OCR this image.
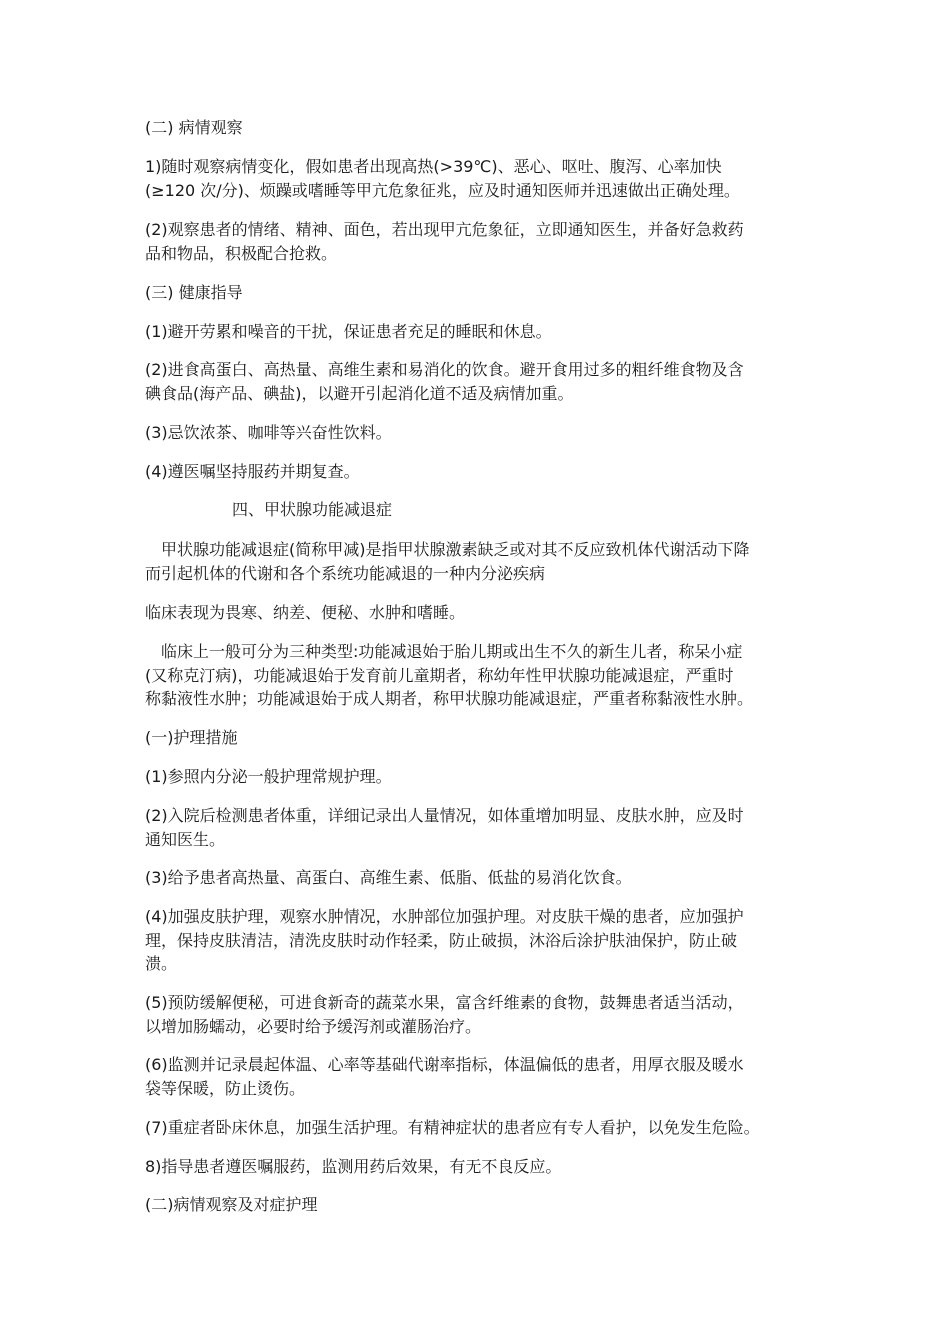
(二) 病情观察

1)随时观察病情变化，假如患者出现高热(>39℃)、恶心、呕吐、腹泻、心率加快
(≥120 次/分)、烦躁或嗜睡等甲亢危象征兆，应及时通知医师并迅速做出正确处理。

(2)观察患者的情绪、精神、面色，若出现甲亢危象征，立即通知医生，并备好急救药
品和物品，积极配合抢救。

(三) 健康指导

(1)避开劳累和噪音的干扰，保证患者充足的睡眠和休息。

(2)进食高蛋白、高热量、高维生素和易消化的饮食。避开食用过多的粗纤维食物及含
碘食品(海产品、碘盐)，以避开引起消化道不适及病情加重。

(3)忌饮浓茶、咖啡等兴奋性饮料。

(4)遵医嘱坚持服药并期复查。

四、甲状腺功能减退症

甲状腺功能减退症(简称甲减)是指甲状腺激素缺乏或对其不反应致机体代谢活动下降
而引起机体的代谢和各个系统功能减退的一种内分泌疾病

临床表现为畏寒、纳差、便秘、水肿和嗜睡。

临床上一般可分为三种类型:功能减退始于胎儿期或出生不久的新生儿者，称呆小症
(又称克汀病)，功能减退始于发育前儿童期者，称幼年性甲状腺功能减退症，严重时
称黏液性水肿；功能减退始于成人期者，称甲状腺功能减退症，严重者称黏液性水肿。

(一)护理措施

(1)参照内分泌一般护理常规护理。

(2)入院后检测患者体重，详细记录出人量情况，如体重增加明显、皮肤水肿，应及时
通知医生。

(3)给予患者高热量、高蛋白、高维生素、低脂、低盐的易消化饮食。

(4)加强皮肤护理，观察水肿情况，水肿部位加强护理。对皮肤干燥的患者，应加强护
理，保持皮肤清洁，清洗皮肤时动作轻柔，防止破损，沐浴后涂护肤油保护，防止破
溃。

(5)预防缓解便秘，可进食新奇的蔬菜水果，富含纤维素的食物，鼓舞患者适当活动，
以增加肠蠕动，必要时给予缓泻剂或灌肠治疗。

(6)监测并记录晨起体温、心率等基础代谢率指标，体温偏低的患者，用厚衣服及暖水
袋等保暖，防止烫伤。

(7)重症者卧床休息，加强生活护理。有精神症状的患者应有专人看护，以免发生危险。

8)指导患者遵医嘱服药，监测用药后效果，有无不良反应。

(二)病情观察及对症护理
